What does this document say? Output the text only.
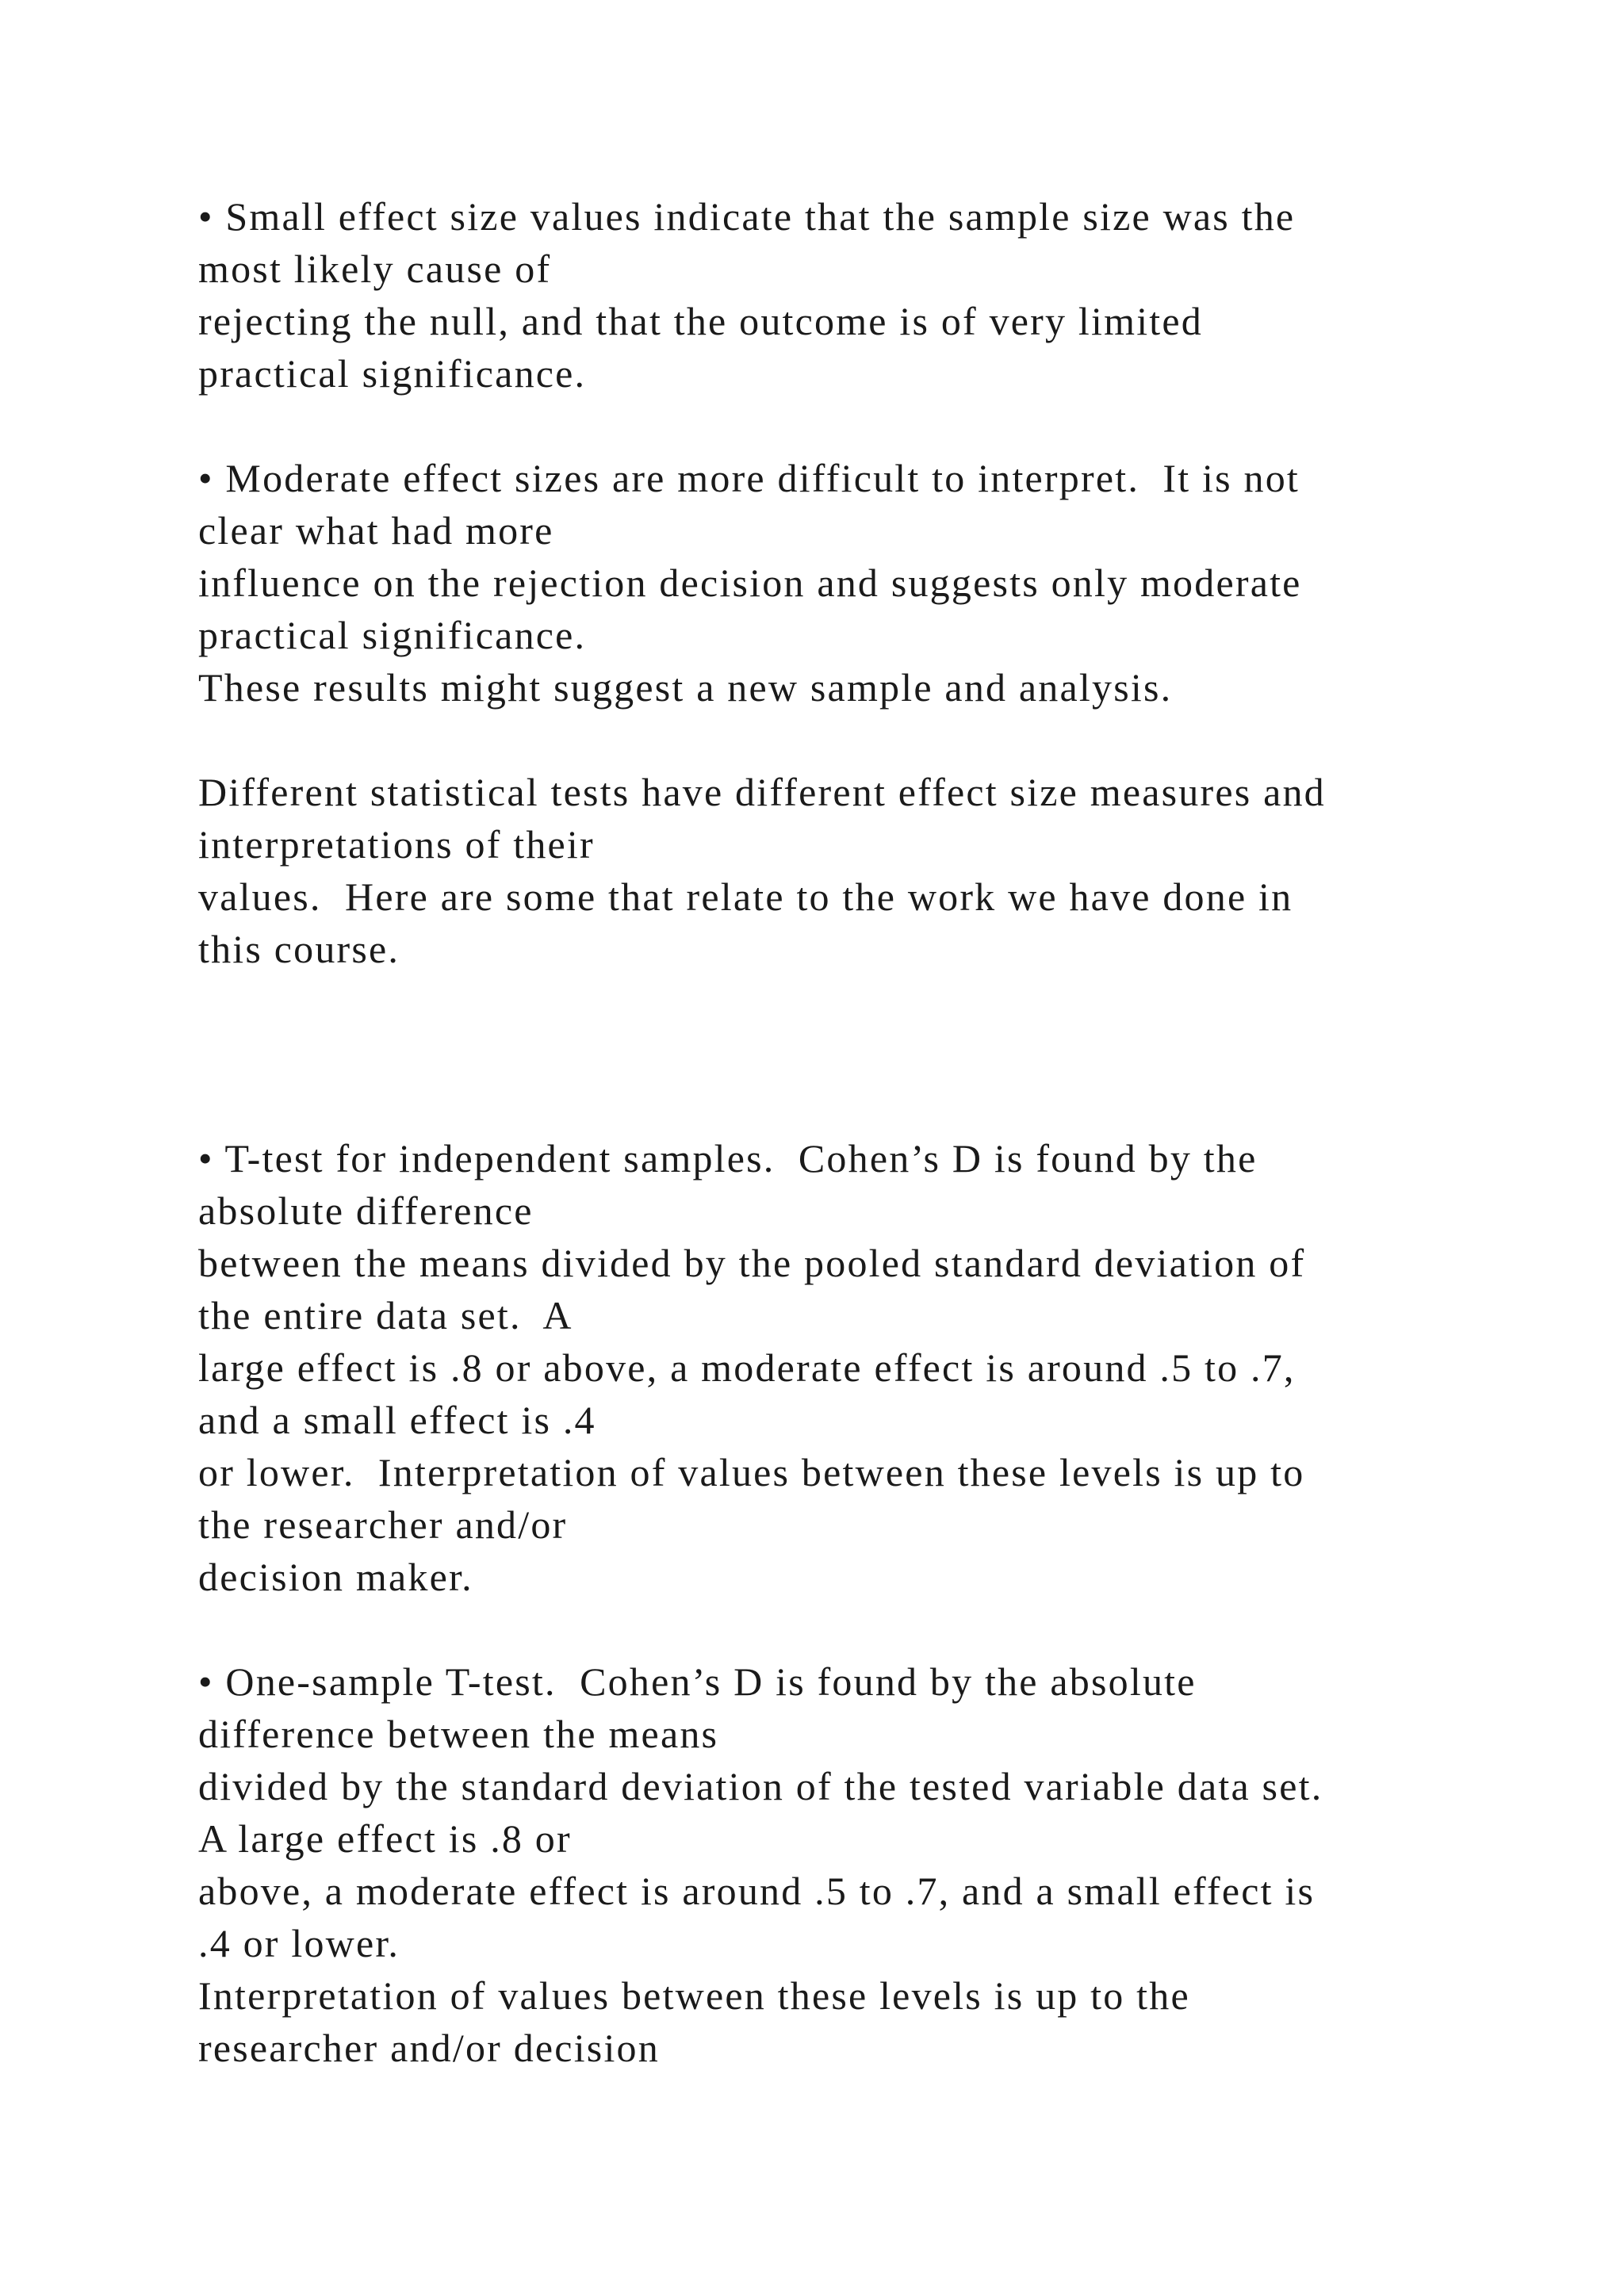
• Small effect size values indicate that the sample size was the
most likely cause of
rejecting the null, and that the outcome is of very limited
practical significance.
• Moderate effect sizes are more difficult to interpret.  It is not
clear what had more
influence on the rejection decision and suggests only moderate
practical significance.
These results might suggest a new sample and analysis.
Different statistical tests have different effect size measures and
interpretations of their
values.  Here are some that relate to the work we have done in
this course.
• T-test for independent samples.  Cohen’s D is found by the
absolute difference
between the means divided by the pooled standard deviation of
the entire data set.  A
large effect is .8 or above, a moderate effect is around .5 to .7,
and a small effect is .4
or lower.  Interpretation of values between these levels is up to
the researcher and/or
decision maker.
• One-sample T-test.  Cohen’s D is found by the absolute
difference between the means
divided by the standard deviation of the tested variable data set.
A large effect is .8 or
above, a moderate effect is around .5 to .7, and a small effect is
.4 or lower.
Interpretation of values between these levels is up to the
researcher and/or decision
